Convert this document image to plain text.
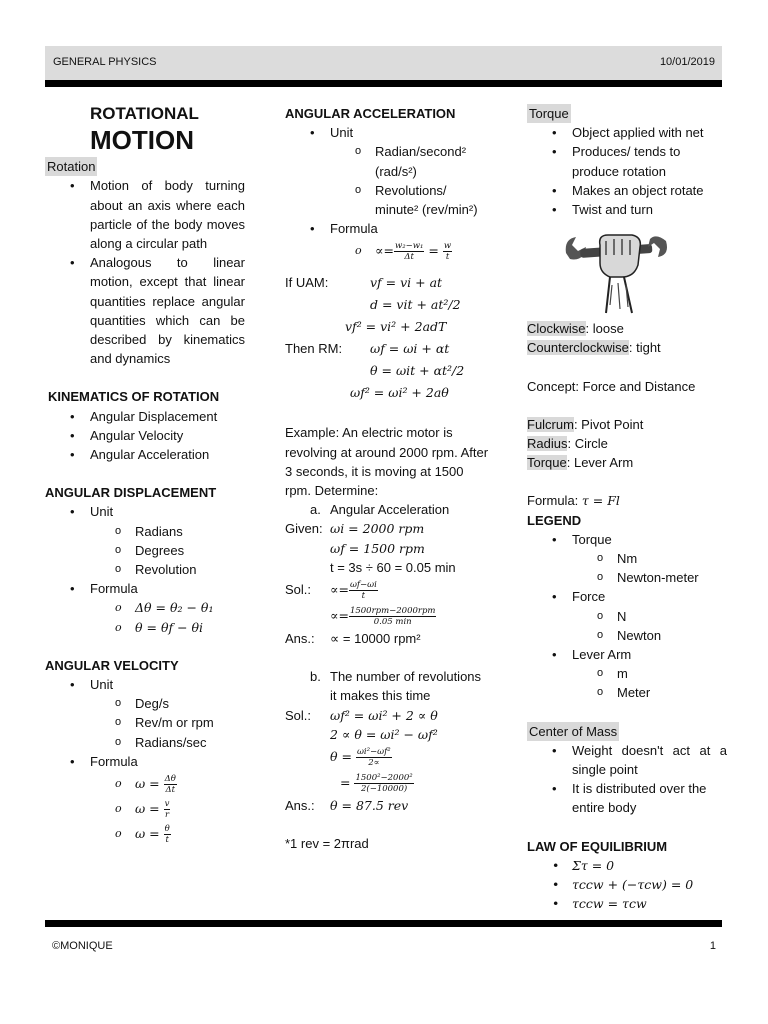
GENERAL PHYSICS	10/01/2019
ROTATIONAL
MOTION
Rotation
• Motion of body turning about an axis where each particle of the body moves along a circular path
• Analogous to linear motion, except that linear quantities replace angular quantities which can be described by kinematics and dynamics
KINEMATICS OF ROTATION
• Angular Displacement
• Angular Velocity
• Angular Acceleration
ANGULAR DISPLACEMENT
• Unit
o Radians
o Degrees
o Revolution
• Formula
o Δθ = θ₂ − θ₁
o θ = θf − θi
ANGULAR VELOCITY
• Unit
o Deg/s
o Rev/m or rpm
o Radians/sec
• Formula
o $\omega = \frac{\Delta\theta}{\Delta t}$
o $\omega = \frac{v}{r}$
o $\omega = \frac{\theta}{t}$
ANGULAR ACCELERATION
• Unit
o Radian/second² (rad/s²)
o Revolutions/ minute² (rev/min²)
• Formula
$o \propto= \frac{\text{w₂−w₁}}{\Delta t} = \frac{w}{t}$
If UAM:	vf = vi + at
d = vit + at²/2
vf² = vi² + 2adT
Then RM:	ωf = ωi + αt
θ = ωit + αt²/2
ωf² = ωi² + 2aθ
Example: An electric motor is revolving at around 2000 rpm. After 3 seconds, it is moving at 1500 rpm. Determine:
a. Angular Acceleration
Given: ωi = 2000 rpm
ωf = 1500 rpm
t = 3s ÷ 60 = 0.05 min
Sol.:	∝= $\frac{\omega f-\omega i}{t}$
∝= 1500rpm−2000rpm
0.05 min
Ans.:	∝ = 10000 rpm²
b. The number of revolutions it makes this time
Sol.:	ωf² = ωi² + 2 ∝ θ
2 ∝ θ = ωi² − ωf²
$\theta = \frac{\text{ωi²−ωf²}}{2\propto}$
= $\frac{\text{1500²−2000²}}{2(-10000)}$
Ans.:	θ = 87.5 rev
*1 rev = 2πrad
Torque
• Object applied with net
• Produces/ tends to produce rotation
• Makes an object rotate
• Twist and turn
Clockwise: loose
Counterclockwise: tight
Concept: Force and Distance
Fulcrum: Pivot Point
Radius: Circle
Torque: Lever Arm
Formula: τ = Fl
LEGEND
• Torque
o Nm
o Newton-meter
• Force
o N
o Newton
• Lever Arm
o m
o Meter
Center of Mass
• Weight doesn't act at a single point
• It is distributed over the entire body
LAW OF EQUILIBRIUM
• Στ = 0
• τccw + (−τcw) = 0
• τccw = τcw
©MONIQUE	1
